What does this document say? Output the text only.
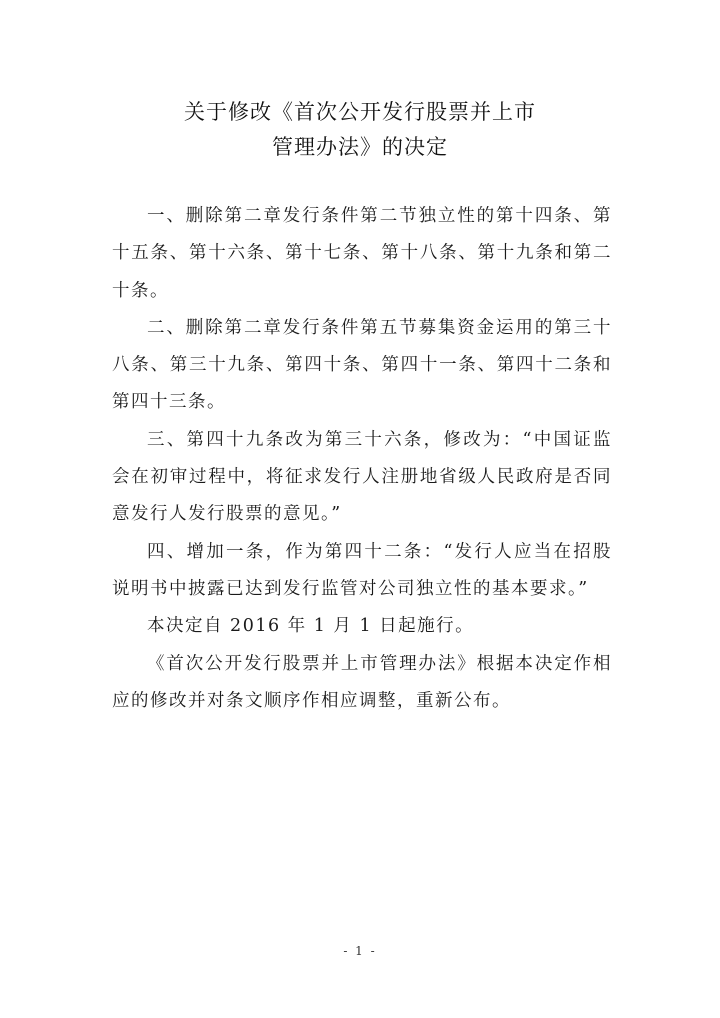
关于修改《首次公开发行股票并上市
管理办法》的决定

一、删除第二章发行条件第二节独立性的第十四条、第十五条、第十六条、第十七条、第十八条、第十九条和第二十条。

二、删除第二章发行条件第五节募集资金运用的第三十八条、第三十九条、第四十条、第四十一条、第四十二条和第四十三条。

三、第四十九条改为第三十六条，修改为：“中国证监会在初审过程中，将征求发行人注册地省级人民政府是否同意发行人发行股票的意见。”

四、增加一条，作为第四十二条：“发行人应当在招股说明书中披露已达到发行监管对公司独立性的基本要求。”

本决定自 2016 年 1 月 1 日起施行。

《首次公开发行股票并上市管理办法》根据本决定作相应的修改并对条文顺序作相应调整，重新公布。

- 1 -
